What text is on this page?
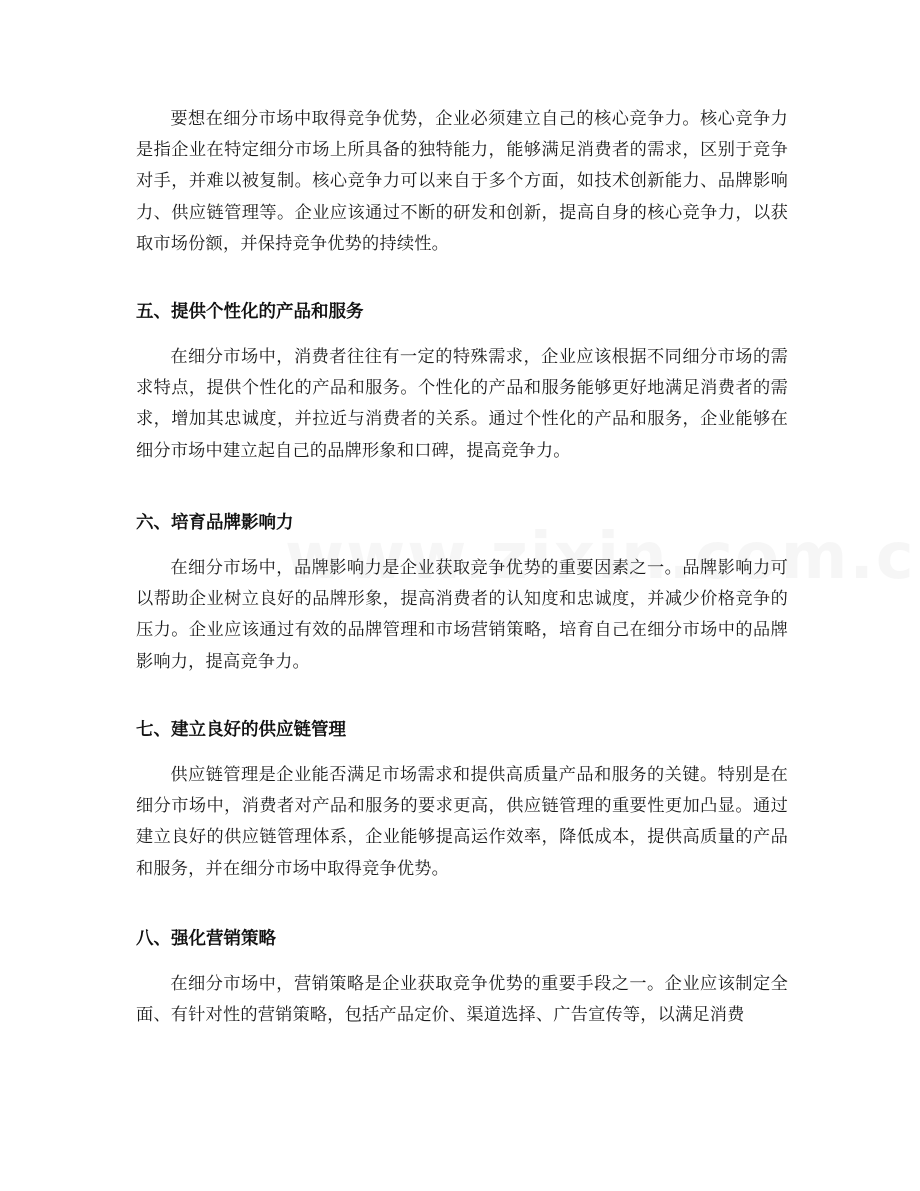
要想在细分市场中取得竞争优势，企业必须建立自己的核心竞争力。核心竞争力是指企业在特定细分市场上所具备的独特能力，能够满足消费者的需求，区别于竞争对手，并难以被复制。核心竞争力可以来自于多个方面，如技术创新能力、品牌影响力、供应链管理等。企业应该通过不断的研发和创新，提高自身的核心竞争力，以获取市场份额，并保持竞争优势的持续性。

五、提供个性化的产品和服务

在细分市场中，消费者往往有一定的特殊需求，企业应该根据不同细分市场的需求特点，提供个性化的产品和服务。个性化的产品和服务能够更好地满足消费者的需求，增加其忠诚度，并拉近与消费者的关系。通过个性化的产品和服务，企业能够在细分市场中建立起自己的品牌形象和口碑，提高竞争力。

六、培育品牌影响力

在细分市场中，品牌影响力是企业获取竞争优势的重要因素之一。品牌影响力可以帮助企业树立良好的品牌形象，提高消费者的认知度和忠诚度，并减少价格竞争的压力。企业应该通过有效的品牌管理和市场营销策略，培育自己在细分市场中的品牌影响力，提高竞争力。

七、建立良好的供应链管理

供应链管理是企业能否满足市场需求和提供高质量产品和服务的关键。特别是在细分市场中，消费者对产品和服务的要求更高，供应链管理的重要性更加凸显。通过建立良好的供应链管理体系，企业能够提高运作效率，降低成本，提供高质量的产品和服务，并在细分市场中取得竞争优势。

八、强化营销策略

在细分市场中，营销策略是企业获取竞争优势的重要手段之一。企业应该制定全面、有针对性的营销策略，包括产品定价、渠道选择、广告宣传等，以满足消费
